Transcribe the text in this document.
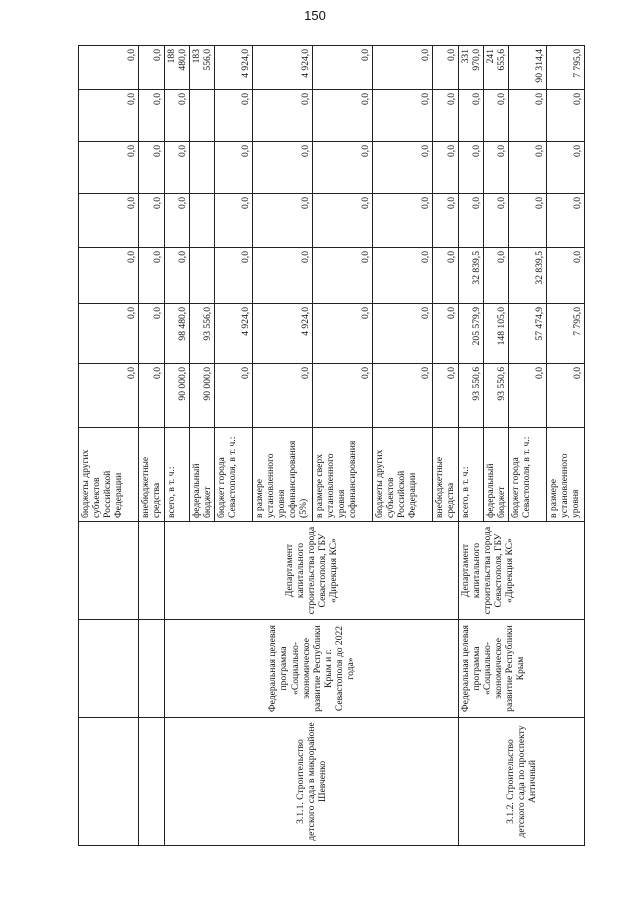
150
			бюджеты других субъектов Российской Федерации	0,0	0,0	0,0	0,0	0,0	0,0	0,0
			внебюджетные средства	0,0	0,0	0,0	0,0	0,0	0,0	0,0
3.1.1. Строительство детского сада в микрорайоне Шевченко	Федеральная целевая программа «Социально-экономическое развитие Республики Крым и г. Севастополя до 2022 года»	Департамент капитального строительства города Севастополя, ГБУ «Дирекция КС»	всего, в т. ч.:	90 000,0	98 480,0	0,0	0,0	0,0	0,0	188 480,0
			федеральный бюджет	90 000,0	93 556,0					183 556,0
			бюджет города Севастополя, в т. ч.:	0,0	4 924,0	0,0	0,0	0,0	0,0	4 924,0
			в размере установленного уровня софинансирования (5%)	0,0	4 924,0	0,0	0,0	0,0	0,0	4 924,0
			в размере сверх установленного уровня софинансирования	0,0	0,0	0,0	0,0	0,0	0,0	0,0
			бюджеты других субъектов Российской Федерации	0,0	0,0	0,0	0,0	0,0	0,0	0,0
			внебюджетные средства	0,0	0,0	0,0	0,0	0,0	0,0	0,0
3.1.2. Строительство детского сада по проспекту Античный	Федеральная целевая программа «Социально-экономическое развитие Республики Крым	Департамент капитального строительства города Севастополя, ГБУ «Дирекция КС»	всего, в т. ч.:	93 550,6	205 579,9	32 839,5	0,0	0,0	0,0	331 970,0
			федеральный бюджет	93 550,6	148 105,0	0,0	0,0	0,0	0,0	241 655,6
			бюджет города Севастополя, в т. ч.:	0,0	57 474,9	32 839,5	0,0	0,0	0,0	90 314,4
			в размере установленного уровня	0,0	7 795,0	0,0	0,0	0,0	0,0	7 795,0
